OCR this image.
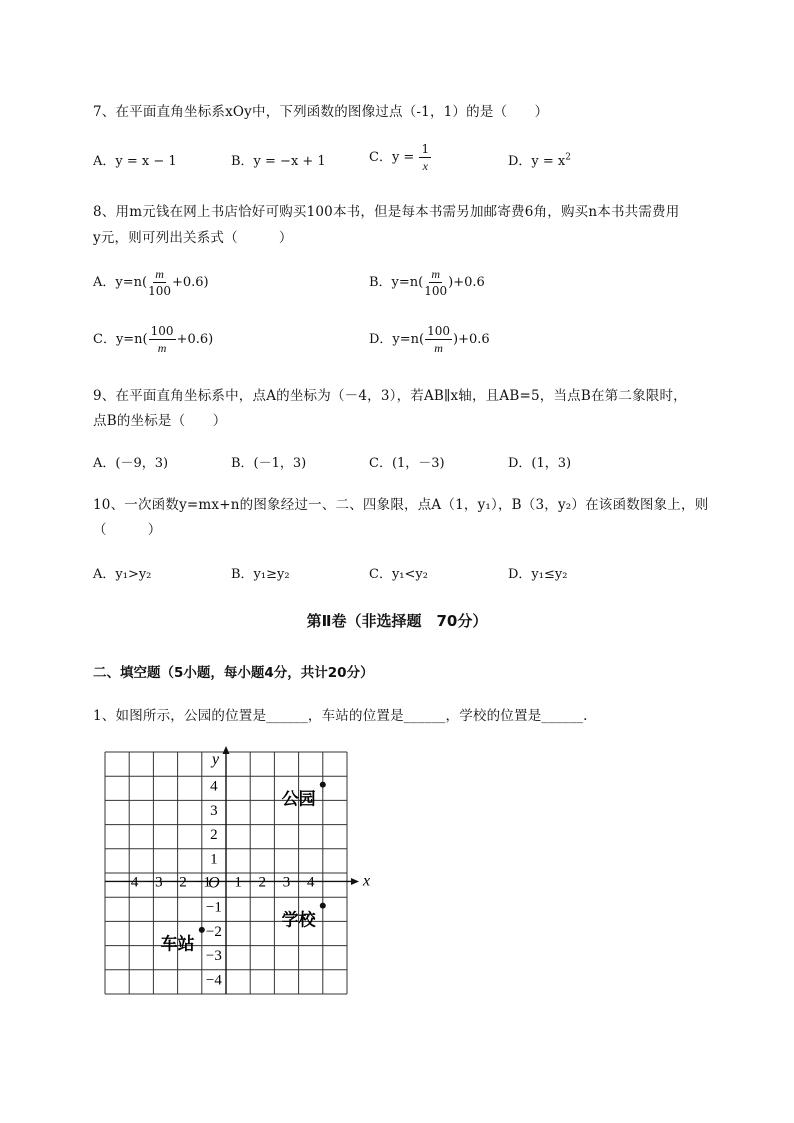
7、在平面直角坐标系xOy中，下列函数的图像过点（-1，1）的是（　　）
A．y = x − 1	B．y = −x + 1	C．$y = \frac{1}{x}$	D．$y = x^2$
8、用m元钱在网上书店恰好可购买100本书，但是每本书需另加邮寄费6角，购买n本书共需费用
y元，则可列出关系式（　　　）
A．$y=n( \frac{m}{100} +0.6)$	B．$y=n( \frac{m}{100} )+0.6$
C．$y=n( \frac{100}{m} +0.6)$	D．$y=n( \frac{100}{m} )+0.6$
9、在平面直角坐标系中，点A的坐标为（－4，3），若AB∥x轴，且AB=5，当点B在第二象限时，
点B的坐标是（　　）
A．(－9，3)	B．(－1，3)	C．(1，－3)	D．(1，3)
10、一次函数y=mx+n的图象经过一、二、四象限，点A（1，y₁），B（3，y₂）在该函数图象上，则
（　　　）
A．y₁>y₂	B．y₁≥y₂	C．y₁<y₂	D．y₁≤y₂
第Ⅱ卷（非选择题　70分）
二、填空题（5小题，每小题4分，共计20分）
1、如图所示，公园的位置是______，车站的位置是______，学校的位置是______.
x
y
−4 −3 −2 −1 1 2 3 4
4
3
2
1
−1
−2
−3
−4
O
公园
学校
车站
